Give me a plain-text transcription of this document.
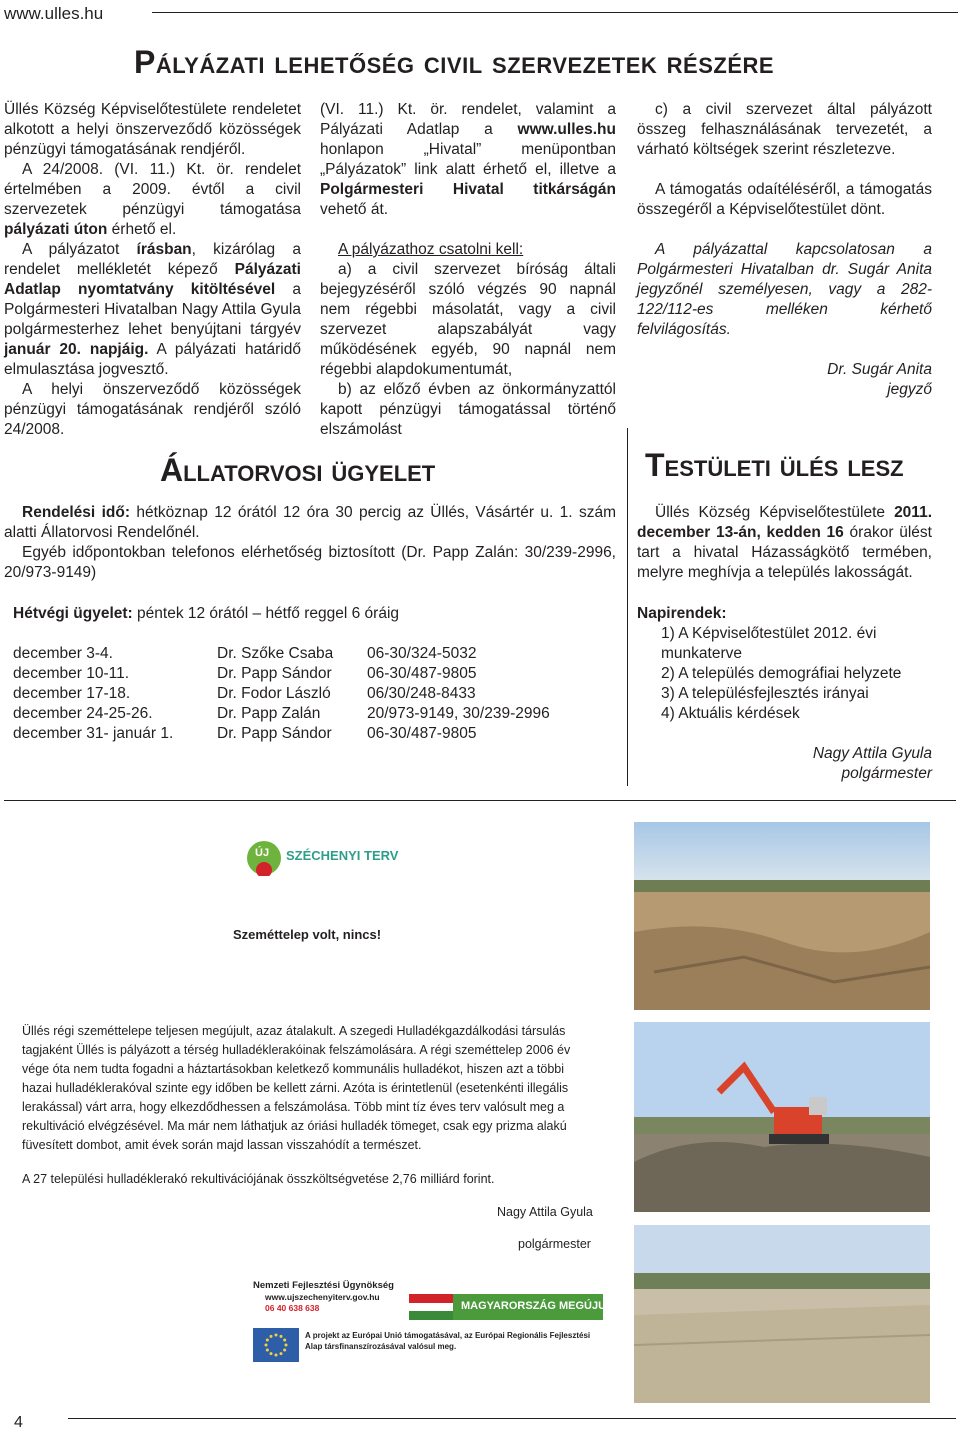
www.ulles.hu
Pályázati lehetőség civil szervezetek részére

Üllés Község Képviselőtestülete rendeletet alkotott a helyi önszerveződő közösségek pénzügyi támogatásának rendjéről.

A 24/2008. (VI. 11.) Kt. ör. rendelet értelmében a 2009. évtől a civil szervezetek pénzügyi támogatása pályázati úton érhető el.

A pályázatot írásban, kizárólag a rendelet mellékletét képező Pályázati Adatlap nyomtatvány kitöltésével a Polgármesteri Hivatalban Nagy Attila Gyula polgármesterhez lehet benyújtani tárgyév január 20. napjáig. A pályázati határidő elmulasztása jogvesztő.

A helyi önszerveződő közösségek pénzügyi támogatásának rendjéről szóló 24/2008.

(VI. 11.) Kt. ör. rendelet, valamint a Pályázati Adatlap a www.ulles.hu honlapon „Hivatal” menüpontban „Pályázatok” link alatt érhető el, illetve a Polgármesteri Hivatal titkárságán vehető át.

A pályázathoz csatolni kell:

a) a civil szervezet bíróság általi bejegyzéséről szóló végzés 90 napnál nem régebbi másolatát, vagy a civil szervezet alapszabályát vagy működésének egyéb, 90 napnál nem régebbi alapdokumentumát,

b) az előző évben az önkormányzattól kapott pénzügyi támogatással történő elszámolást

c) a civil szervezet által pályázott összeg felhasználásának tervezetét, a várható költségek szerint részletezve.

A támogatás odaítéléséről, a támogatás összegéről a Képviselőtestület dönt.

A pályázattal kapcsolatosan a Polgármesteri Hivatalban dr. Sugár Anita jegyzőnél személyesen, vagy a 282-122/112-es melléken kérhető felvilágosítás.

Dr. Sugár Anita

jegyző

Állatorvosi ügyelet

Rendelési idő: hétköznap 12 órától 12 óra 30 percig az Üllés, Vásártér u. 1. szám alatti Állatorvosi Rendelőnél.

Egyéb időpontokban telefonos elérhetőség biztosított (Dr. Papp Zalán: 30/239-2996, 20/973-9149)

Hétvégi ügyelet: péntek 12 órától – hétfő reggel 6 óráig

december 3-4.	Dr. Szőke Csaba	06-30/324-5032
december 10-11.	Dr. Papp Sándor	06-30/487-9805
december 17-18.	Dr. Fodor László	06/30/248-8433
december 24-25-26.	Dr. Papp Zalán	20/973-9149, 30/239-2996
december 31- január 1.	Dr. Papp Sándor	06-30/487-9805
Testületi ülés lesz

Üllés Község Képviselőtestülete 2011. december 13-án, kedden 16 órakor ülést tart a hivatal Házasságkötő termében, melyre meghívja a település lakosságát.

Napirendek:

1) A Képviselőtestület 2012. évi munkaterve
2) A település demográfiai helyzete
3) A településfejlesztés irányai
4) Aktuális kérdések

Nagy Attila Gyula

polgármester

ÚJ SZÉCHENYI TERV
Szeméttelep volt, nincs!
Üllés régi szeméttelepe teljesen megújult, azaz átalakult. A szegedi Hulladékgazdálkodási társulás tagjaként Üllés is pályázott a térség hulladéklerakóinak felszámolására. A régi szeméttelep 2006 év vége óta nem tudta fogadni a háztartásokban keletkező kommunális hulladékot, hiszen azt a többi hazai hulladéklerakóval szinte egy időben be kellett zárni. Azóta is érintetlenül (esetenkénti illegális lerakással) várt arra, hogy elkezdődhessen a felszámolása. Több mint tíz éves terv valósult meg a rekultiváció elvégzésével. Ma már nem láthatjuk az óriási hulladék tömeget, csak egy prizma alakú füvesített dombot, amit évek során majd lassan visszahódít a természet.
A 27 települési hulladéklerakó rekultivációjának összköltségvetése 2,76 milliárd forint.
Nagy Attila Gyula
polgármester
Nemzeti Fejlesztési Ügynökség
www.ujszechenyiterv.gov.hu
06 40 638 638	MAGYARORSZÁG MEGÚJUL
A projekt az Európai Unió támogatásával, az Európai Regionális Fejlesztési Alap társfinanszírozásával valósul meg.
4
